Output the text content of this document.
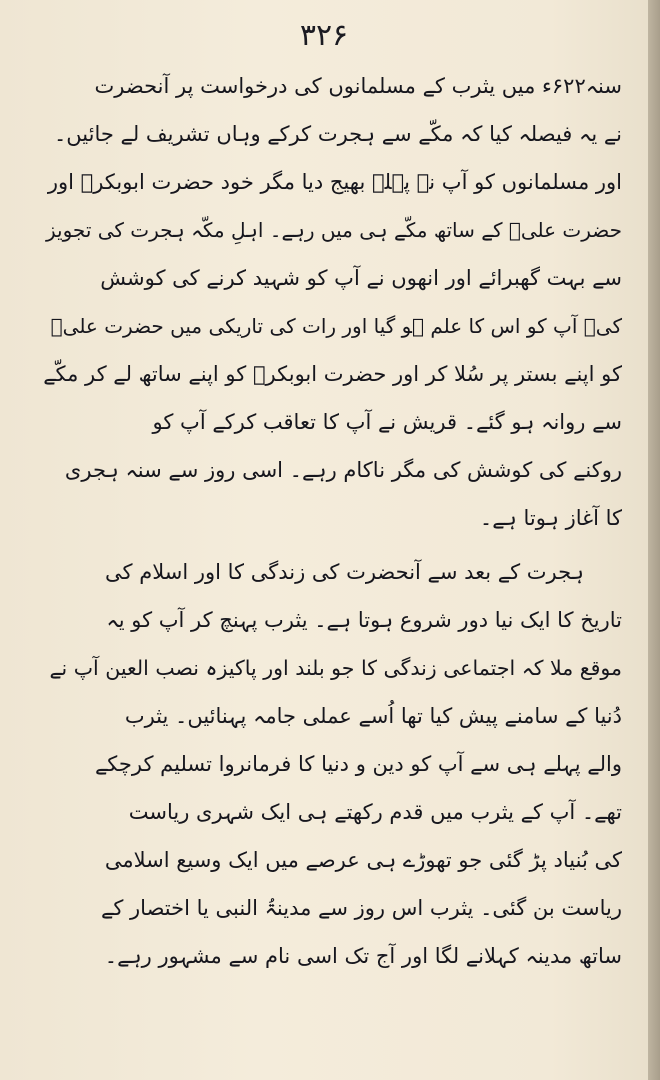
۳۲۶
سنہ۶۲۲ء میں یثرب کے مسلمانوں کی درخواست پر آنحضرت
نے یہ فیصلہ کیا کہ مکّے سے ہجرت کرکے وہاں تشریف لے جائیں۔
اور مسلمانوں کو آپ نے پہلے بھیج دیا مگر خود حضرت ابوبکرؓ اور
حضرت علیؓ کے ساتھ مکّے ہی میں رہے۔ اہلِ مکّہ ہجرت کی تجویز
سے بہت گھبرائے اور انھوں نے آپ کو شہید کرنے کی کوشش
کی۔ آپ کو اس کا علم ہو گیا اور رات کی تاریکی میں حضرت علیؓ
کو اپنے بستر پر سُلا کر اور حضرت ابوبکرؓ کو اپنے ساتھ لے کر مکّے
سے روانہ ہو گئے۔ قریش نے آپ کا تعاقب کرکے آپ کو
روکنے کی کوشش کی مگر ناکام رہے۔ اسی روز سے سنہ ہجری
کا آغاز ہوتا ہے۔
ہجرت کے بعد سے آنحضرت کی زندگی کا اور اسلام کی
تاریخ کا ایک نیا دور شروع ہوتا ہے۔ یثرب پہنچ کر آپ کو یہ
موقع ملا کہ اجتماعی زندگی کا جو بلند اور پاکیزہ نصب العین آپ نے
دُنیا کے سامنے پیش کیا تھا اُسے عملی جامہ پہنائیں۔ یثرب
والے پہلے ہی سے آپ کو دین و دنیا کا فرمانروا تسلیم کرچکے
تھے۔ آپ کے یثرب میں قدم رکھتے ہی ایک شہری ریاست
کی بُنیاد پڑ گئی جو تھوڑے ہی عرصے میں ایک وسیع اسلامی
ریاست بن گئی۔ یثرب اس روز سے مدینۃُ النبی یا اختصار کے
ساتھ مدینہ کہلانے لگا اور آج تک اسی نام سے مشہور رہے۔
